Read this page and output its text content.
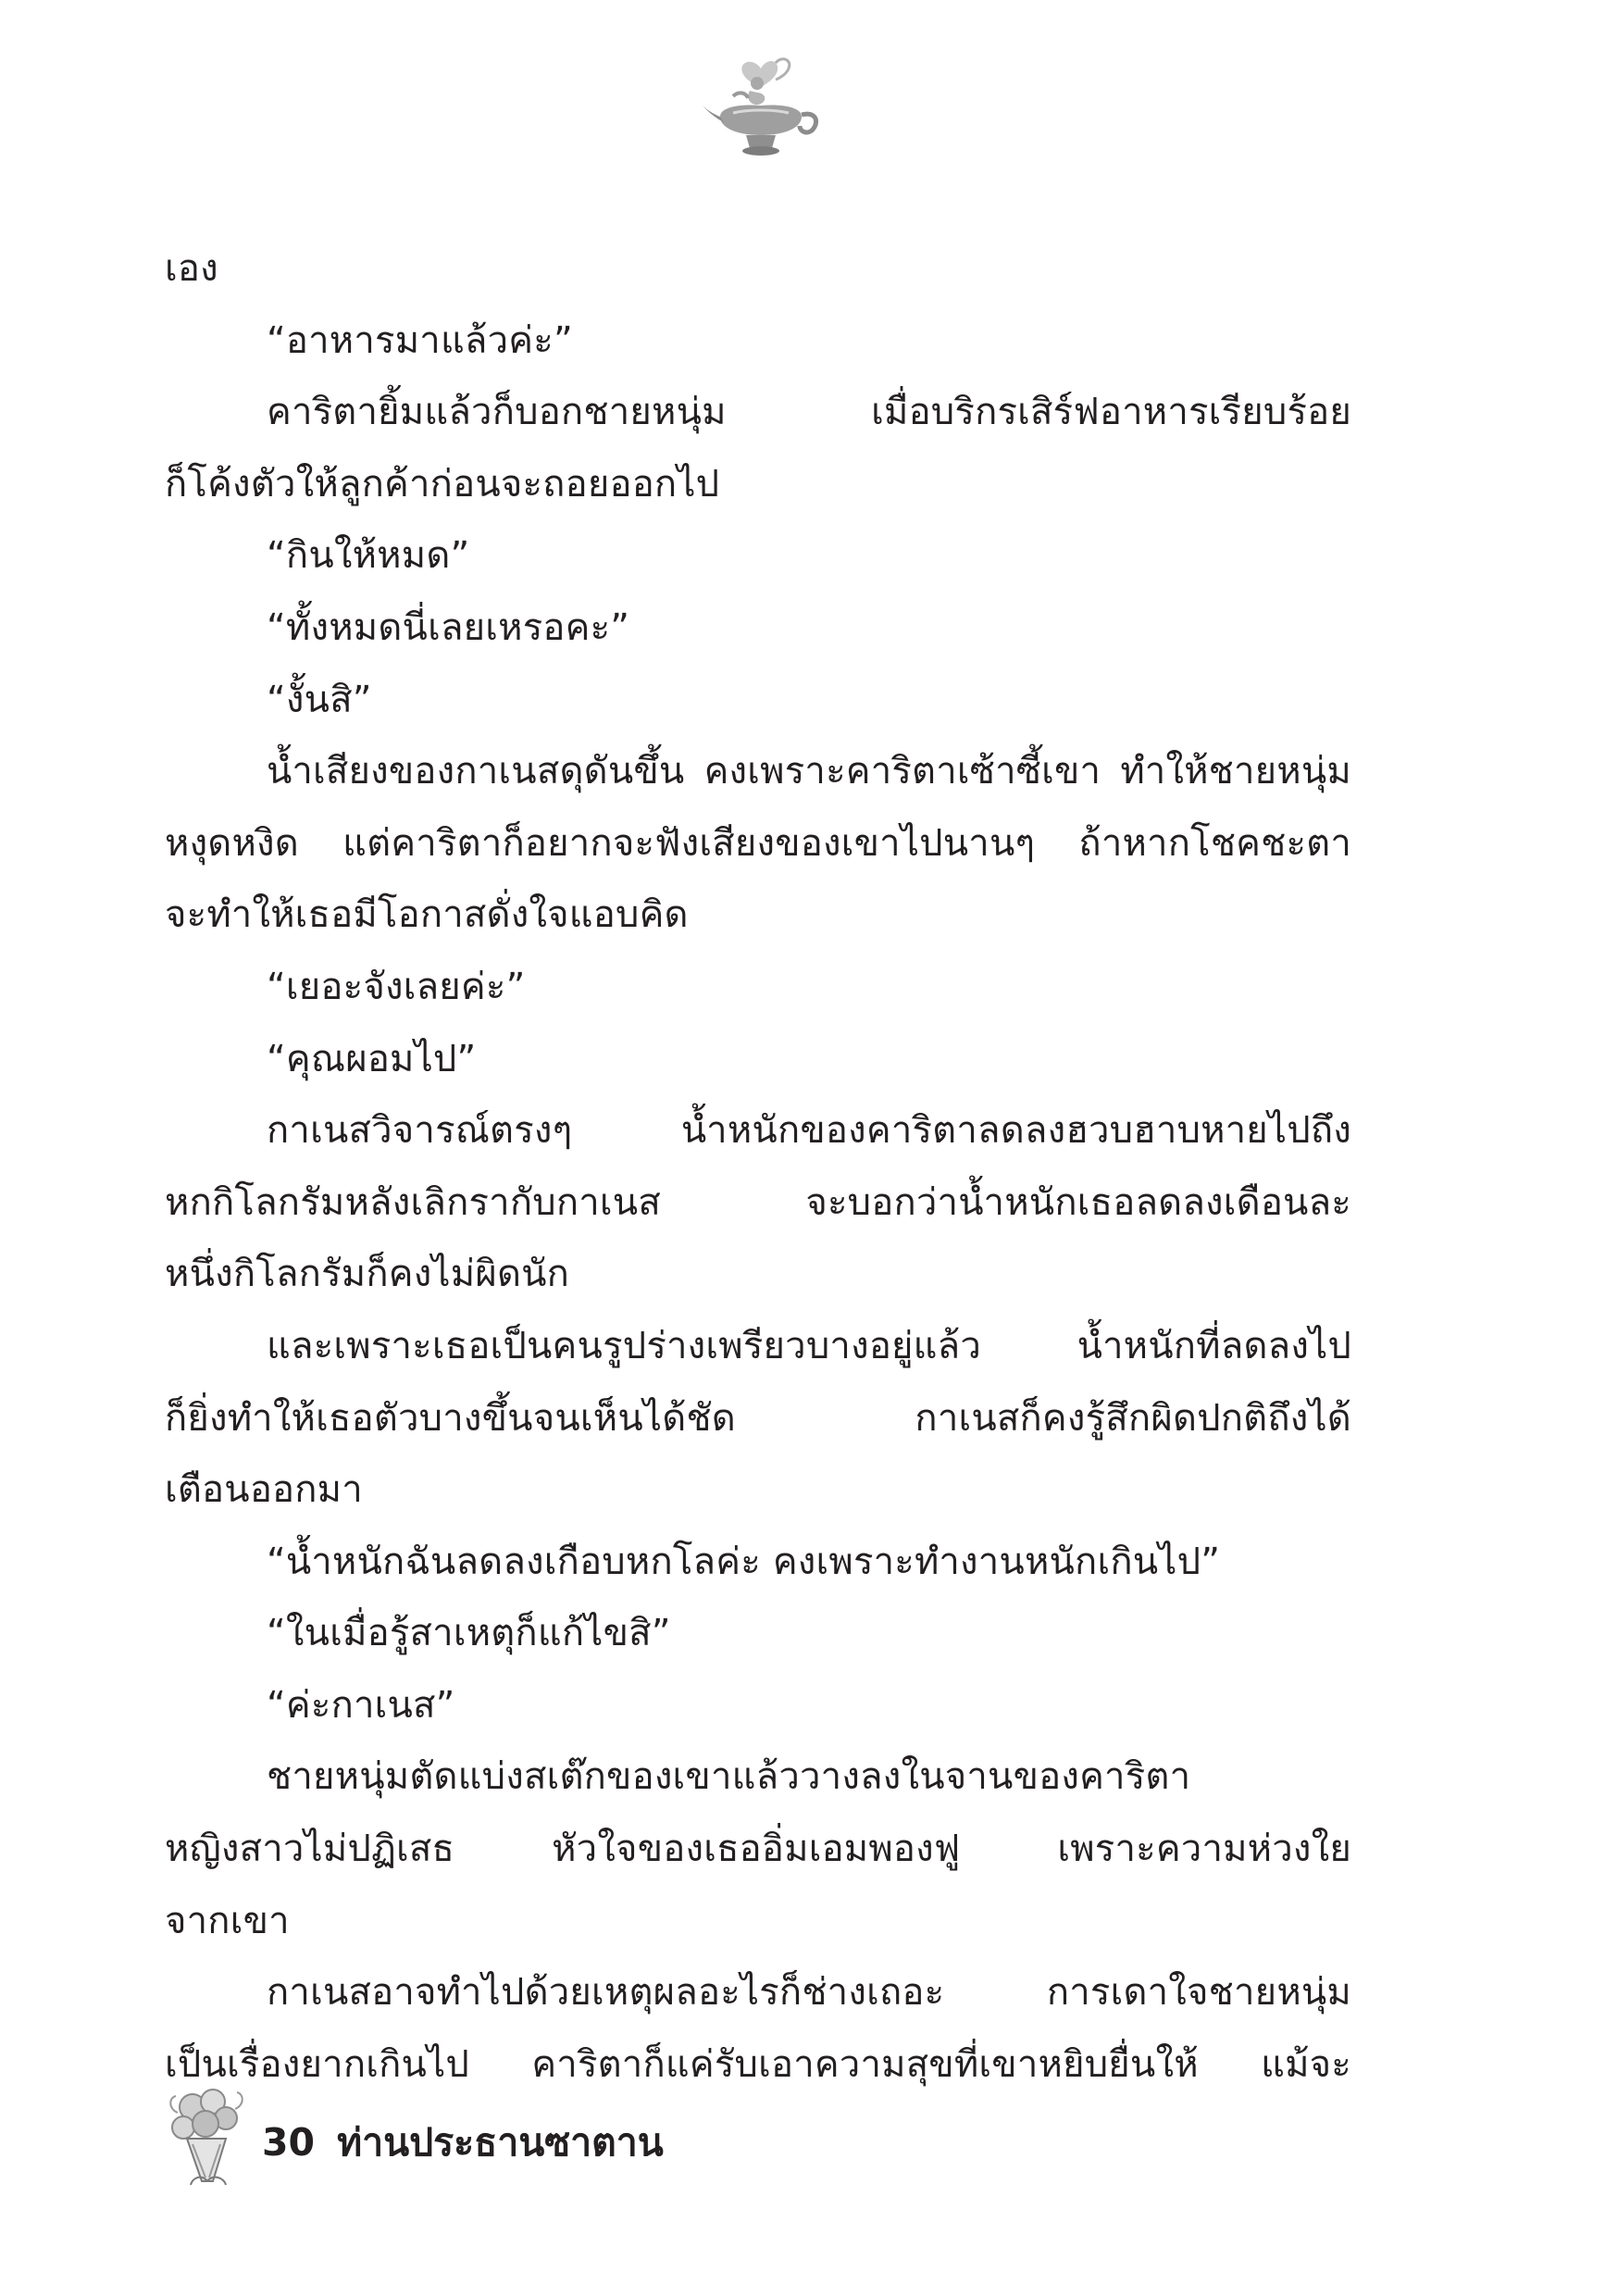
เอง
“อาหารมาแล้วค่ะ”
คาริตายิ้มแล้วก็บอกชายหนุ่ม เมื่อบริกรเสิร์ฟอาหารเรียบร้อย
ก็โค้งตัวให้ลูกค้าก่อนจะถอยออกไป
“กินให้หมด”
“ทั้งหมดนี่เลยเหรอคะ”
“งั้นสิ”
น้ำเสียงของกาเนสดุดันขึ้น คงเพราะคาริตาเซ้าซี้เขา ทำให้ชายหนุ่ม
หงุดหงิด แต่คาริตาก็อยากจะฟังเสียงของเขาไปนานๆ ถ้าหากโชคชะตา
จะทำให้เธอมีโอกาสดั่งใจแอบคิด
“เยอะจังเลยค่ะ”
“คุณผอมไป”
กาเนสวิจารณ์ตรงๆ น้ำหนักของคาริตาลดลงฮวบฮาบหายไปถึง
หกกิโลกรัมหลังเลิกรากับกาเนส จะบอกว่าน้ำหนักเธอลดลงเดือนละ
หนึ่งกิโลกรัมก็คงไม่ผิดนัก
และเพราะเธอเป็นคนรูปร่างเพรียวบางอยู่แล้ว น้ำหนักที่ลดลงไป
ก็ยิ่งทำให้เธอตัวบางขึ้นจนเห็นได้ชัด กาเนสก็คงรู้สึกผิดปกติถึงได้
เตือนออกมา
“น้ำหนักฉันลดลงเกือบหกโลค่ะ คงเพราะทำงานหนักเกินไป”
“ในเมื่อรู้สาเหตุก็แก้ไขสิ”
“ค่ะกาเนส”
ชายหนุ่มตัดแบ่งสเต๊กของเขาแล้ววางลงในจานของคาริตา
หญิงสาวไม่ปฏิเสธ หัวใจของเธออิ่มเอมพองฟู เพราะความห่วงใย
จากเขา
กาเนสอาจทำไปด้วยเหตุผลอะไรก็ช่างเถอะ การเดาใจชายหนุ่ม
เป็นเรื่องยากเกินไป คาริตาก็แค่รับเอาความสุขที่เขาหยิบยื่นให้ แม้จะ
30 ท่านประธานซาตาน
